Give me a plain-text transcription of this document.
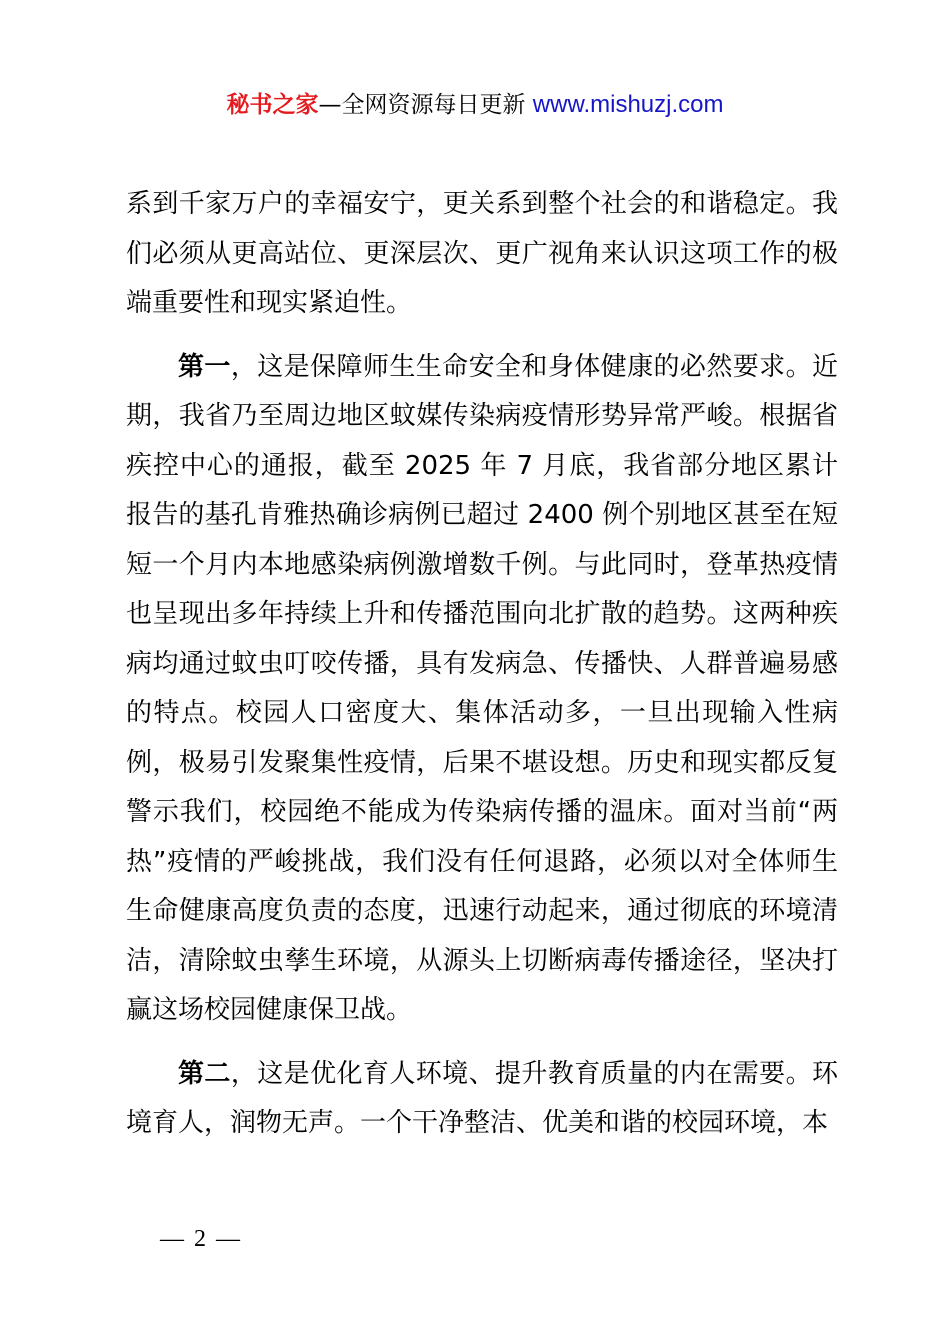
秘书之家—全网资源每日更新 www.mishuzj.com

系到千家万户的幸福安宁，更关系到整个社会的和谐稳定。我们必须从更高站位、更深层次、更广视角来认识这项工作的极端重要性和现实紧迫性。

第一，这是保障师生生命安全和身体健康的必然要求。近期，我省乃至周边地区蚊媒传染病疫情形势异常严峻。根据省疾控中心的通报，截至 2025 年 7 月底，我省部分地区累计报告的基孔肯雅热确诊病例已超过 2400 例个别地区甚至在短短一个月内本地感染病例激增数千例。与此同时，登革热疫情也呈现出多年持续上升和传播范围向北扩散的趋势。这两种疾病均通过蚊虫叮咬传播，具有发病急、传播快、人群普遍易感的特点。校园人口密度大、集体活动多，一旦出现输入性病例，极易引发聚集性疫情，后果不堪设想。历史和现实都反复警示我们，校园绝不能成为传染病传播的温床。面对当前“两热”疫情的严峻挑战，我们没有任何退路，必须以对全体师生生命健康高度负责的态度，迅速行动起来，通过彻底的环境清洁，清除蚊虫孳生环境，从源头上切断病毒传播途径，坚决打赢这场校园健康保卫战。

第二，这是优化育人环境、提升教育质量的内在需要。环境育人，润物无声。一个干净整洁、优美和谐的校园环境，本

— 2 —
